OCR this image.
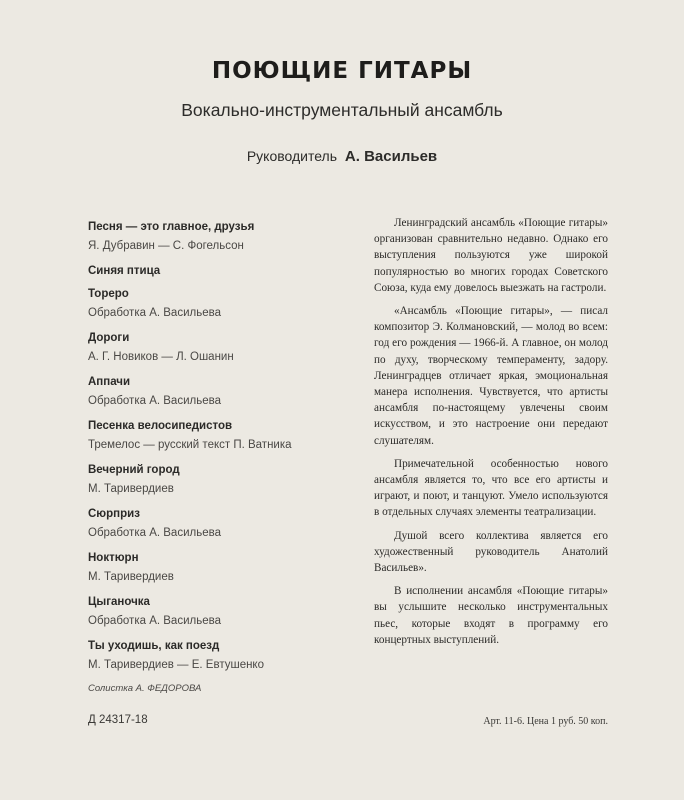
ПОЮЩИЕ ГИТАРЫ
Вокально-инструментальный ансамбль
Руководитель А. Васильев
Песня — это главное, друзья
Я. Дубравин — С. Фогельсон
Синяя птица
Тореро
Обработка А. Васильева
Дороги
А. Г. Новиков — Л. Ошанин
Аппачи
Обработка А. Васильева
Песенка велосипедистов
Тремелос — русский текст П. Ватника
Вечерний город
М. Таривердиев
Сюрприз
Обработка А. Васильева
Ноктюрн
М. Таривердиев
Цыганочка
Обработка А. Васильева
Ты уходишь, как поезд
М. Таривердиев — Е. Евтушенко
Солистка А. ФЕДОРОВА

Ленинградский ансамбль «Поющие гитары» организован сравнительно недавно. Однако его выступления пользуются уже широкой популярностью во многих городах Советского Союза, куда ему довелось выезжать на гастроли.

«Ансамбль «Поющие гитары», — писал композитор Э. Колмановский, — молод во всем: год его рождения — 1966-й. А главное, он молод по духу, творческому темпераменту, задору. Ленинградцев отличает яркая, эмоциональная манера исполнения. Чувствуется, что артисты ансамбля по-настоящему увлечены своим искусством, и это настроение они передают слушателям.

Примечательной особенностью нового ансамбля является то, что все его артисты и играют, и поют, и танцуют. Умело используются в отдельных случаях элементы театрализации.

Душой всего коллектива является его художественный руководитель Анатолий Васильев».

В исполнении ансамбля «Поющие гитары» вы услышите несколько инструментальных пьес, которые входят в программу его концертных выступлений.

Д 24317-18	Арт. 11-6. Цена 1 руб. 50 коп.
